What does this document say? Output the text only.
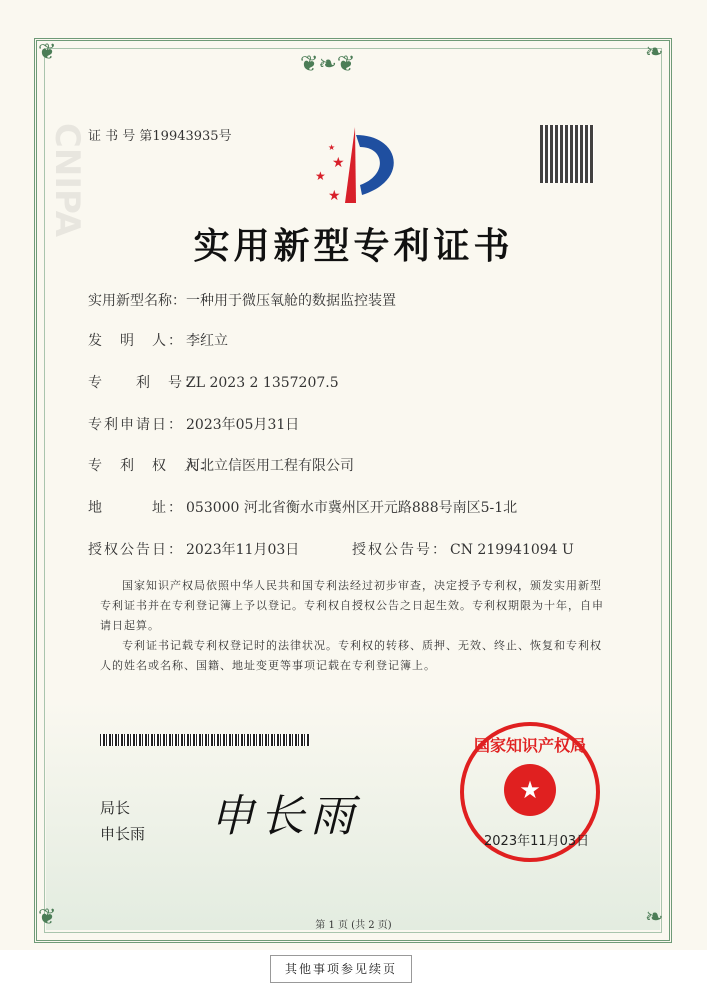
❦❧❦
❦	❧
❦	❧
CNIPA 证 书 号 第19943935号
★
★
★
★
实用新型专利证书
实用新型名称：一种用于微压氧舱的数据监控装置
发　明　人： 李红立
专　　利　号：ZL 2023 2 1357207.5
专利申请日： 2023年05月31日
专　利　权　人：河北立信医用工程有限公司
地　　　址： 053000 河北省衡水市冀州区开元路888号南区5-1北
授权公告日： 2023年11月03日	授权公告号： CN 219941094 U
国家知识产权局依照中华人民共和国专利法经过初步审查，决定授予专利权，颁发实用新型专利证书并在专利登记簿上予以登记。专利权自授权公告之日起生效。专利权期限为十年，自申请日起算。
专利证书记载专利权登记时的法律状况。专利权的转移、质押、无效、终止、恢复和专利权人的姓名或名称、国籍、地址变更等事项记载在专利登记簿上。
局长
申长雨 申长雨
国家知识产权局
★
2023年11月03日
第 1 页 (共 2 页)
其他事项参见续页
